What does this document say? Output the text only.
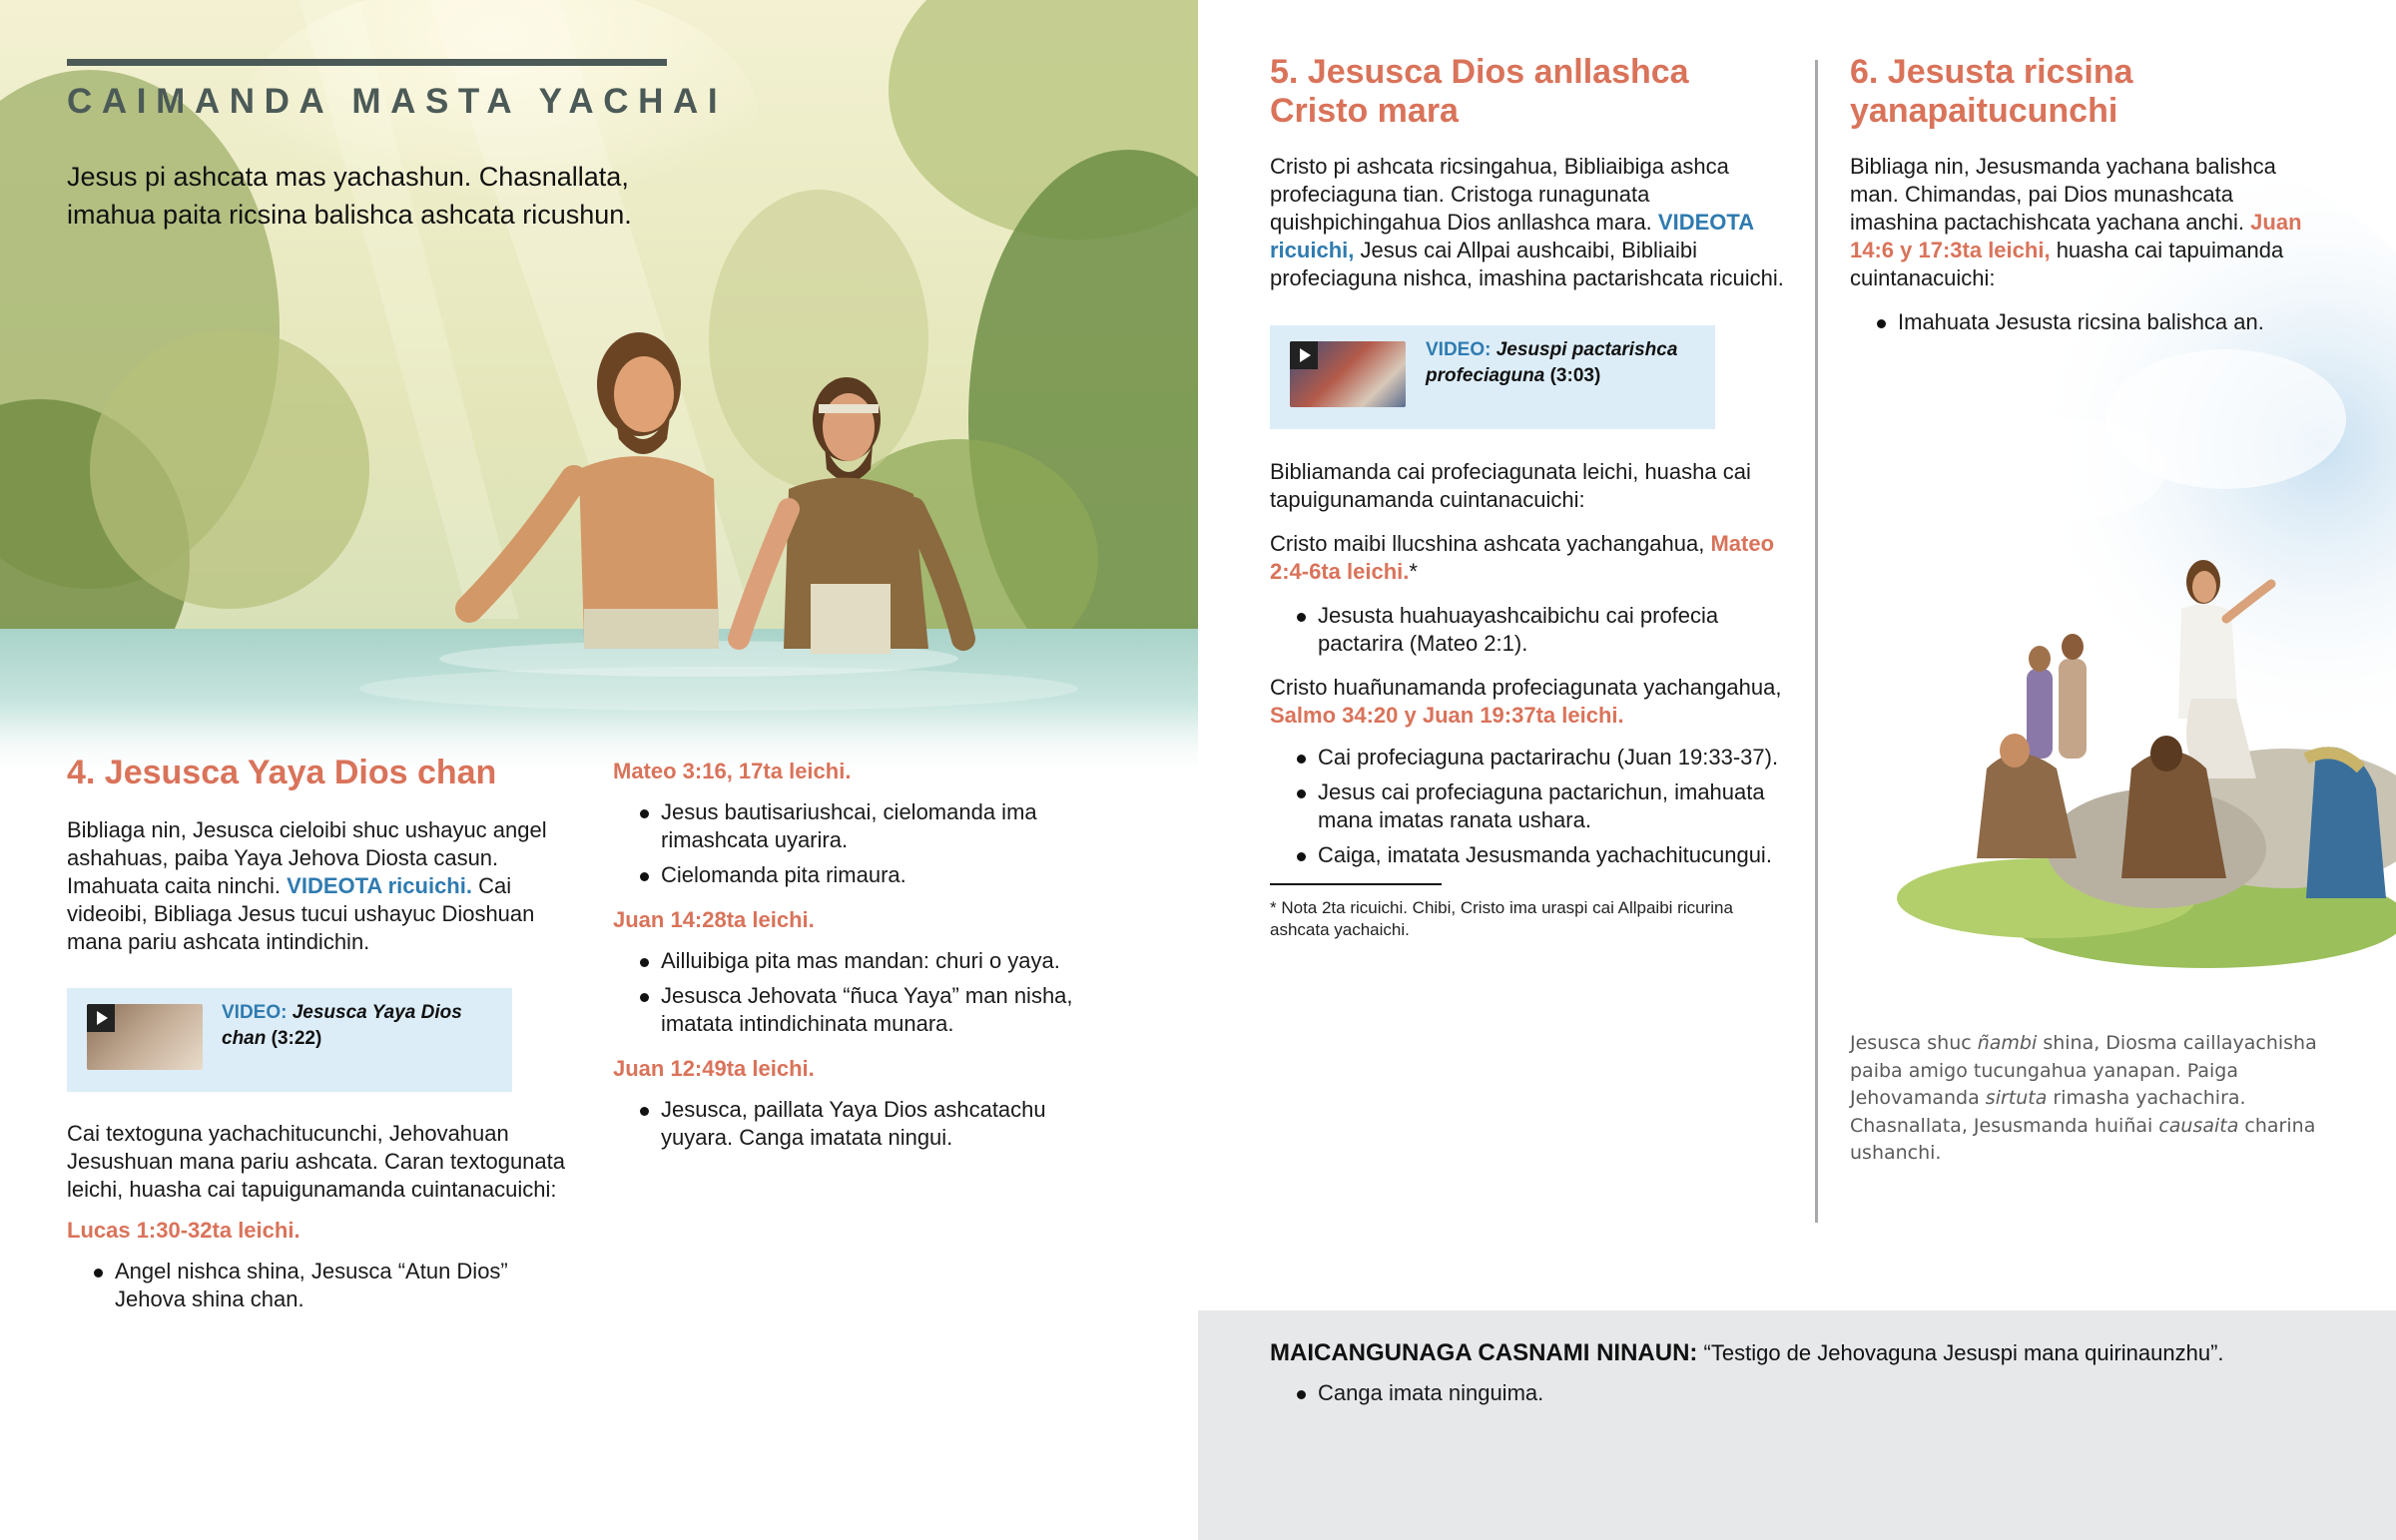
CAIMANDA MASTA YACHAI
Jesus pi ashcata mas yachashun. Chasnallata, imahua paita ricsina balishca ashcata ricushun.
4. Jesusca Yaya Dios chan

Bibliaga nin, Jesusca cieloibi shuc ushayuc angel ashahuas, paiba Yaya Jehova Diosta casun. Imahuata caita ninchi. VIDEOTA ricuichi. Cai videoibi, Bibliaga Jesus tucui ushayuc Dioshuan mana pariu ashcata intindichin.

VIDEO: Jesusca Yaya Dios chan (3:22)

Cai textoguna yachachitucunchi, Jehovahuan Jesushuan mana pariu ashcata. Caran textogunata leichi, huasha cai tapuigunamanda cuintanacuichi:

Lucas 1:30-32ta leichi.

Angel nishca shina, Jesusca “Atun Dios” Jehova shina chan.

Mateo 3:16, 17ta leichi.

Jesus bautisariushcai, cielomanda ima rimashcata uyarira.
Cielomanda pita rimaura.

Juan 14:28ta leichi.

Ailluibiga pita mas mandan: churi o yaya.
Jesusca Jehovata “ñuca Yaya” man nisha, imatata intindichinata munara.

Juan 12:49ta leichi.

Jesusca, paillata Yaya Dios ashcatachu yuyara. Canga imatata ningui.
5. Jesusca Dios anllashca Cristo mara

Cristo pi ashcata ricsingahua, Bibliaibiga ashca profeciaguna tian. Cristoga runagunata quishpichingahua Dios anllashca mara. VIDEOTA ricuichi, Jesus cai Allpai aushcaibi, Bibliaibi profeciaguna nishca, imashina pactarishcata ricuichi.

VIDEO: Jesuspi pactarishca profeciaguna (3:03)

Bibliamanda cai profeciagunata leichi, huasha cai tapuigunamanda cuintanacuichi:

Cristo maibi llucshina ashcata yachangahua, Mateo 2:4-6ta leichi.*

Jesusta huahuayashcaibichu cai profecia pactarira (Mateo 2:1).

Cristo huañunamanda profeciagunata yachangahua, Salmo 34:20 y Juan 19:37ta leichi.

Cai profeciaguna pactarirachu (Juan 19:33-37).
Jesus cai profeciaguna pactarichun, imahuata mana imatas ranata ushara.
Caiga, imatata Jesusmanda yachachitucungui.

* Nota 2ta ricuichi. Chibi, Cristo ima uraspi cai Allpaibi ricurina ashcata yachaichi.

6. Jesusta ricsina yanapaitucunchi

Bibliaga nin, Jesusmanda yachana balishca man. Chimandas, pai Dios munashcata imashina pactachishcata yachana anchi. Juan 14:6 y 17:3ta leichi, huasha cai tapuimanda cuintanacuichi:

Imahuata Jesusta ricsina balishca an.

Jesusca shuc ñambi shina, Diosma caillayachisha paiba amigo tucungahua yanapan. Paiga Jehovamanda sirtuta rimasha yachachira. Chasnallata, Jesusmanda huiñai causaita charina ushanchi.

MAICANGUNAGA CASNAMI NINAUN: “Testigo de Jehovaguna Jesuspi mana quirinaunzhu”.

Canga imata ninguima.
